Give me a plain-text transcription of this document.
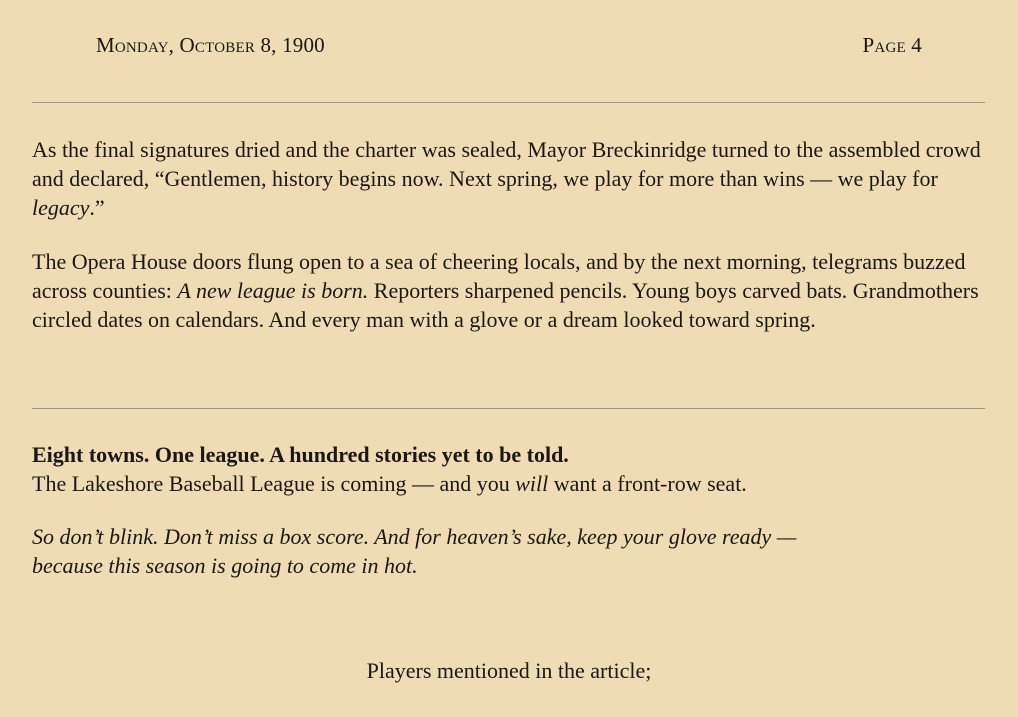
Monday, October 8, 1900	Page 4

As the final signatures dried and the charter was sealed, Mayor Breckinridge turned to the assembled crowd and declared, “Gentlemen, history begins now. Next spring, we play for more than wins — we play for legacy.”

The Opera House doors flung open to a sea of cheering locals, and by the next morning, telegrams buzzed across counties: A new league is born. Reporters sharpened pencils. Young boys carved bats. Grandmothers circled dates on calendars. And every man with a glove or a dream looked toward spring.

Eight towns. One league. A hundred stories yet to be told.
The Lakeshore Baseball League is coming — and you will want a front-row seat.

So don’t blink. Don’t miss a box score. And for heaven’s sake, keep your glove ready —
because this season is going to come in hot.

Players mentioned in the article;
